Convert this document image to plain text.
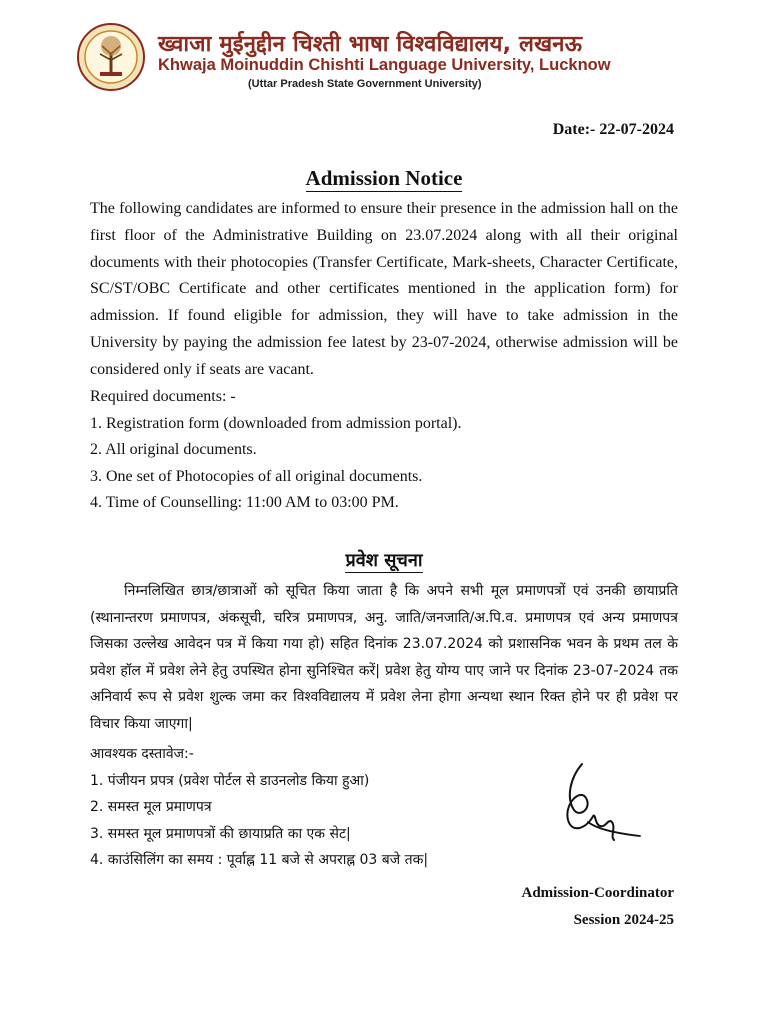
ख्वाजा मुईनुद्दीन चिश्ती भाषा विश्वविद्यालय, लखनऊ
Khwaja Moinuddin Chishti Language University, Lucknow
(Uttar Pradesh State Government University)
Date:- 22-07-2024
Admission Notice

The following candidates are informed to ensure their presence in the admission hall on the first floor of the Administrative Building on 23.07.2024 along with all their original documents with their photocopies (Transfer Certificate, Mark-sheets, Character Certificate, SC/ST/OBC Certificate and other certificates mentioned in the application form) for admission. If found eligible for admission, they will have to take admission in the University by paying the admission fee latest by 23-07-2024, otherwise admission will be considered only if seats are vacant.

Required documents: -
1. Registration form (downloaded from admission portal).
2. All original documents.
3. One set of Photocopies of all original documents.
4. Time of Counselling: 11:00 AM to 03:00 PM.
प्रवेश सूचना

निम्नलिखित छात्र/छात्राओं को सूचित किया जाता है कि अपने सभी मूल प्रमाणपत्रों एवं उनकी छायाप्रति (स्थानान्तरण प्रमाणपत्र, अंकसूची, चरित्र प्रमाणपत्र, अनु. जाति/जनजाति/अ.पि.व. प्रमाणपत्र एवं अन्य प्रमाणपत्र जिसका उल्लेख आवेदन पत्र में किया गया हो) सहित दिनांक 23.07.2024 को प्रशासनिक भवन के प्रथम तल के प्रवेश हॉल में प्रवेश लेने हेतु उपस्थित होना सुनिश्चित करें| प्रवेश हेतु योग्य पाए जाने पर दिनांक 23-07-2024 तक अनिवार्य रूप से प्रवेश शुल्क जमा कर विश्वविद्यालय में प्रवेश लेना होगा अन्यथा स्थान रिक्त होने पर ही प्रवेश पर विचार किया जाएगा|

आवश्यक दस्तावेज:-
1. पंजीयन प्रपत्र (प्रवेश पोर्टल से डाउनलोड किया हुआ)
2. समस्त मूल प्रमाणपत्र
3. समस्त मूल प्रमाणपत्रों की छायाप्रति का एक सेट|
4. काउंसिलिंग का समय : पूर्वाह्न 11 बजे से अपराह्न 03 बजे तक|
Admission-Coordinator
Session 2024-25
